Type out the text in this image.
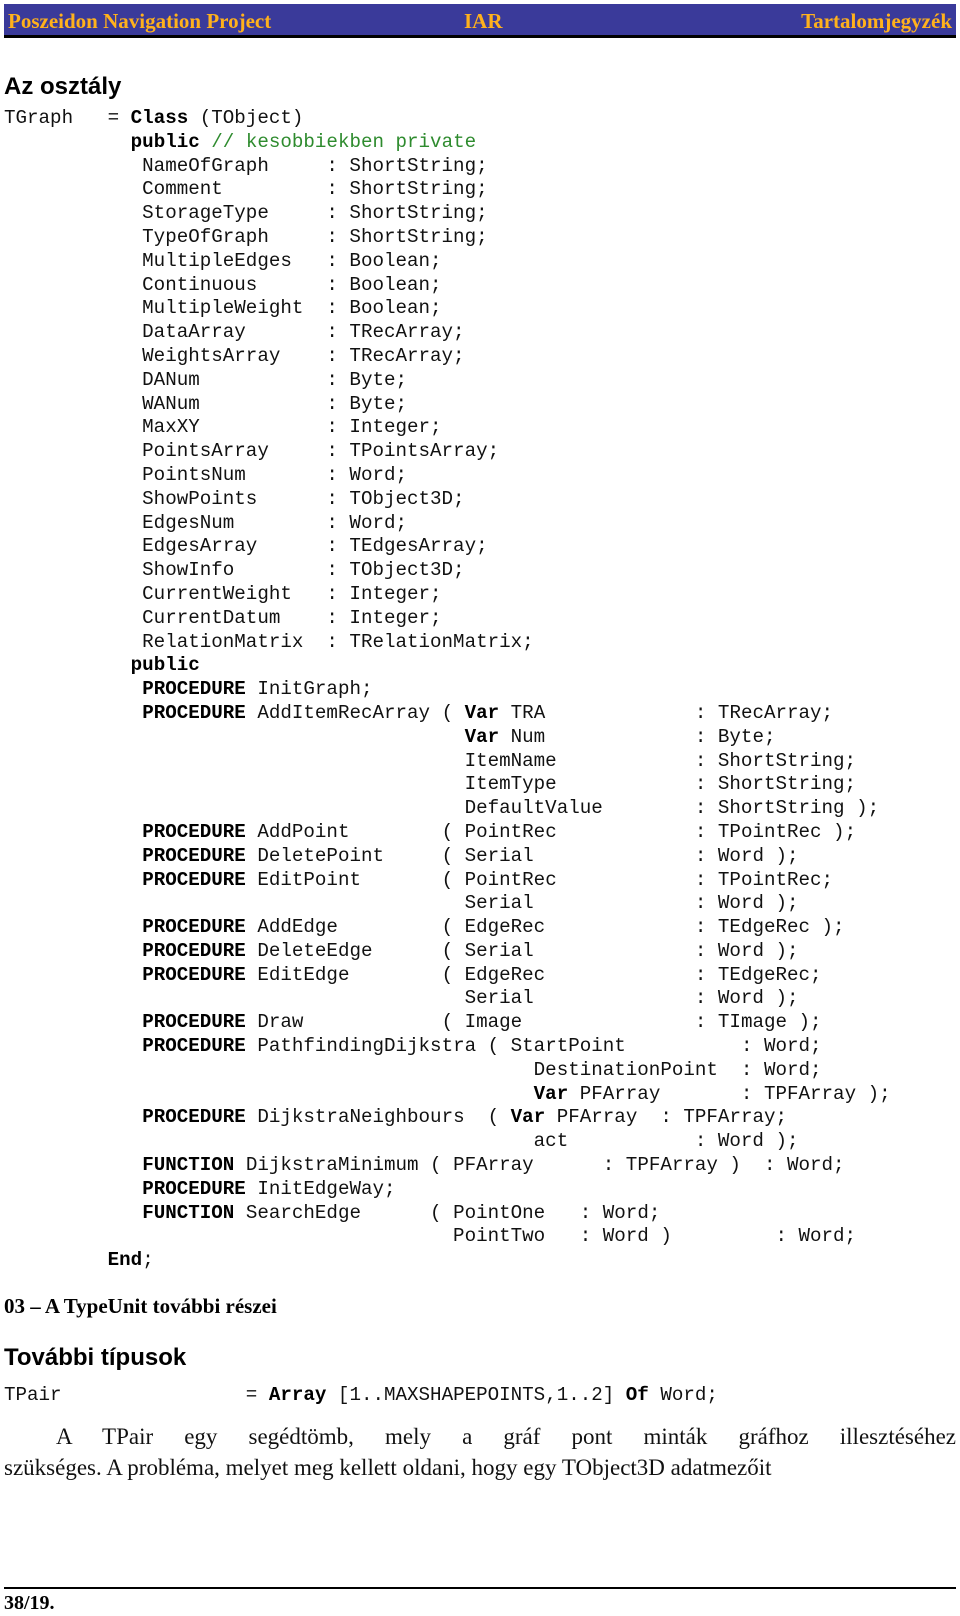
Poszeidon Navigation Project	IAR	Tartalomjegyzék
Az osztály
TGraph   = Class (TObject)
public // kesobbiekben private
NameOfGraph     : ShortString;
Comment         : ShortString;
StorageType     : ShortString;
TypeOfGraph     : ShortString;
MultipleEdges   : Boolean;
Continuous      : Boolean;
MultipleWeight  : Boolean;
DataArray       : TRecArray;
WeightsArray    : TRecArray;
DANum           : Byte;
WANum           : Byte;
MaxXY           : Integer;
PointsArray     : TPointsArray;
PointsNum       : Word;
ShowPoints      : TObject3D;
EdgesNum        : Word;
EdgesArray      : TEdgesArray;
ShowInfo        : TObject3D;
CurrentWeight   : Integer;
CurrentDatum    : Integer;
RelationMatrix  : TRelationMatrix;
public
PROCEDURE InitGraph;
PROCEDURE AddItemRecArray ( Var TRA             : TRecArray;
Var Num             : Byte;
ItemName            : ShortString;
ItemType            : ShortString;
DefaultValue        : ShortString );
PROCEDURE AddPoint        ( PointRec            : TPointRec );
PROCEDURE DeletePoint     ( Serial              : Word );
PROCEDURE EditPoint       ( PointRec            : TPointRec;
Serial              : Word );
PROCEDURE AddEdge         ( EdgeRec             : TEdgeRec );
PROCEDURE DeleteEdge      ( Serial              : Word );
PROCEDURE EditEdge        ( EdgeRec             : TEdgeRec;
Serial              : Word );
PROCEDURE Draw            ( Image               : TImage );
PROCEDURE PathfindingDijkstra ( StartPoint          : Word;
DestinationPoint  : Word;
Var PFArray       : TPFArray );
PROCEDURE DijkstraNeighbours  ( Var PFArray  : TPFArray;
act           : Word );
FUNCTION DijkstraMinimum ( PFArray      : TPFArray )  : Word;
PROCEDURE InitEdgeWay;
FUNCTION SearchEdge      ( PointOne   : Word;
PointTwo   : Word )         : Word;
End;
03 – A TypeUnit további részei
További típusok
TPair                = Array [1..MAXSHAPEPOINTS,1..2] Of Word;
A TPair egy segédtömb, mely a gráf pont minták gráfhoz illesztéséhez
szükséges. A probléma, melyet meg kellett oldani, hogy egy TObject3D adatmezőit
38/19.
